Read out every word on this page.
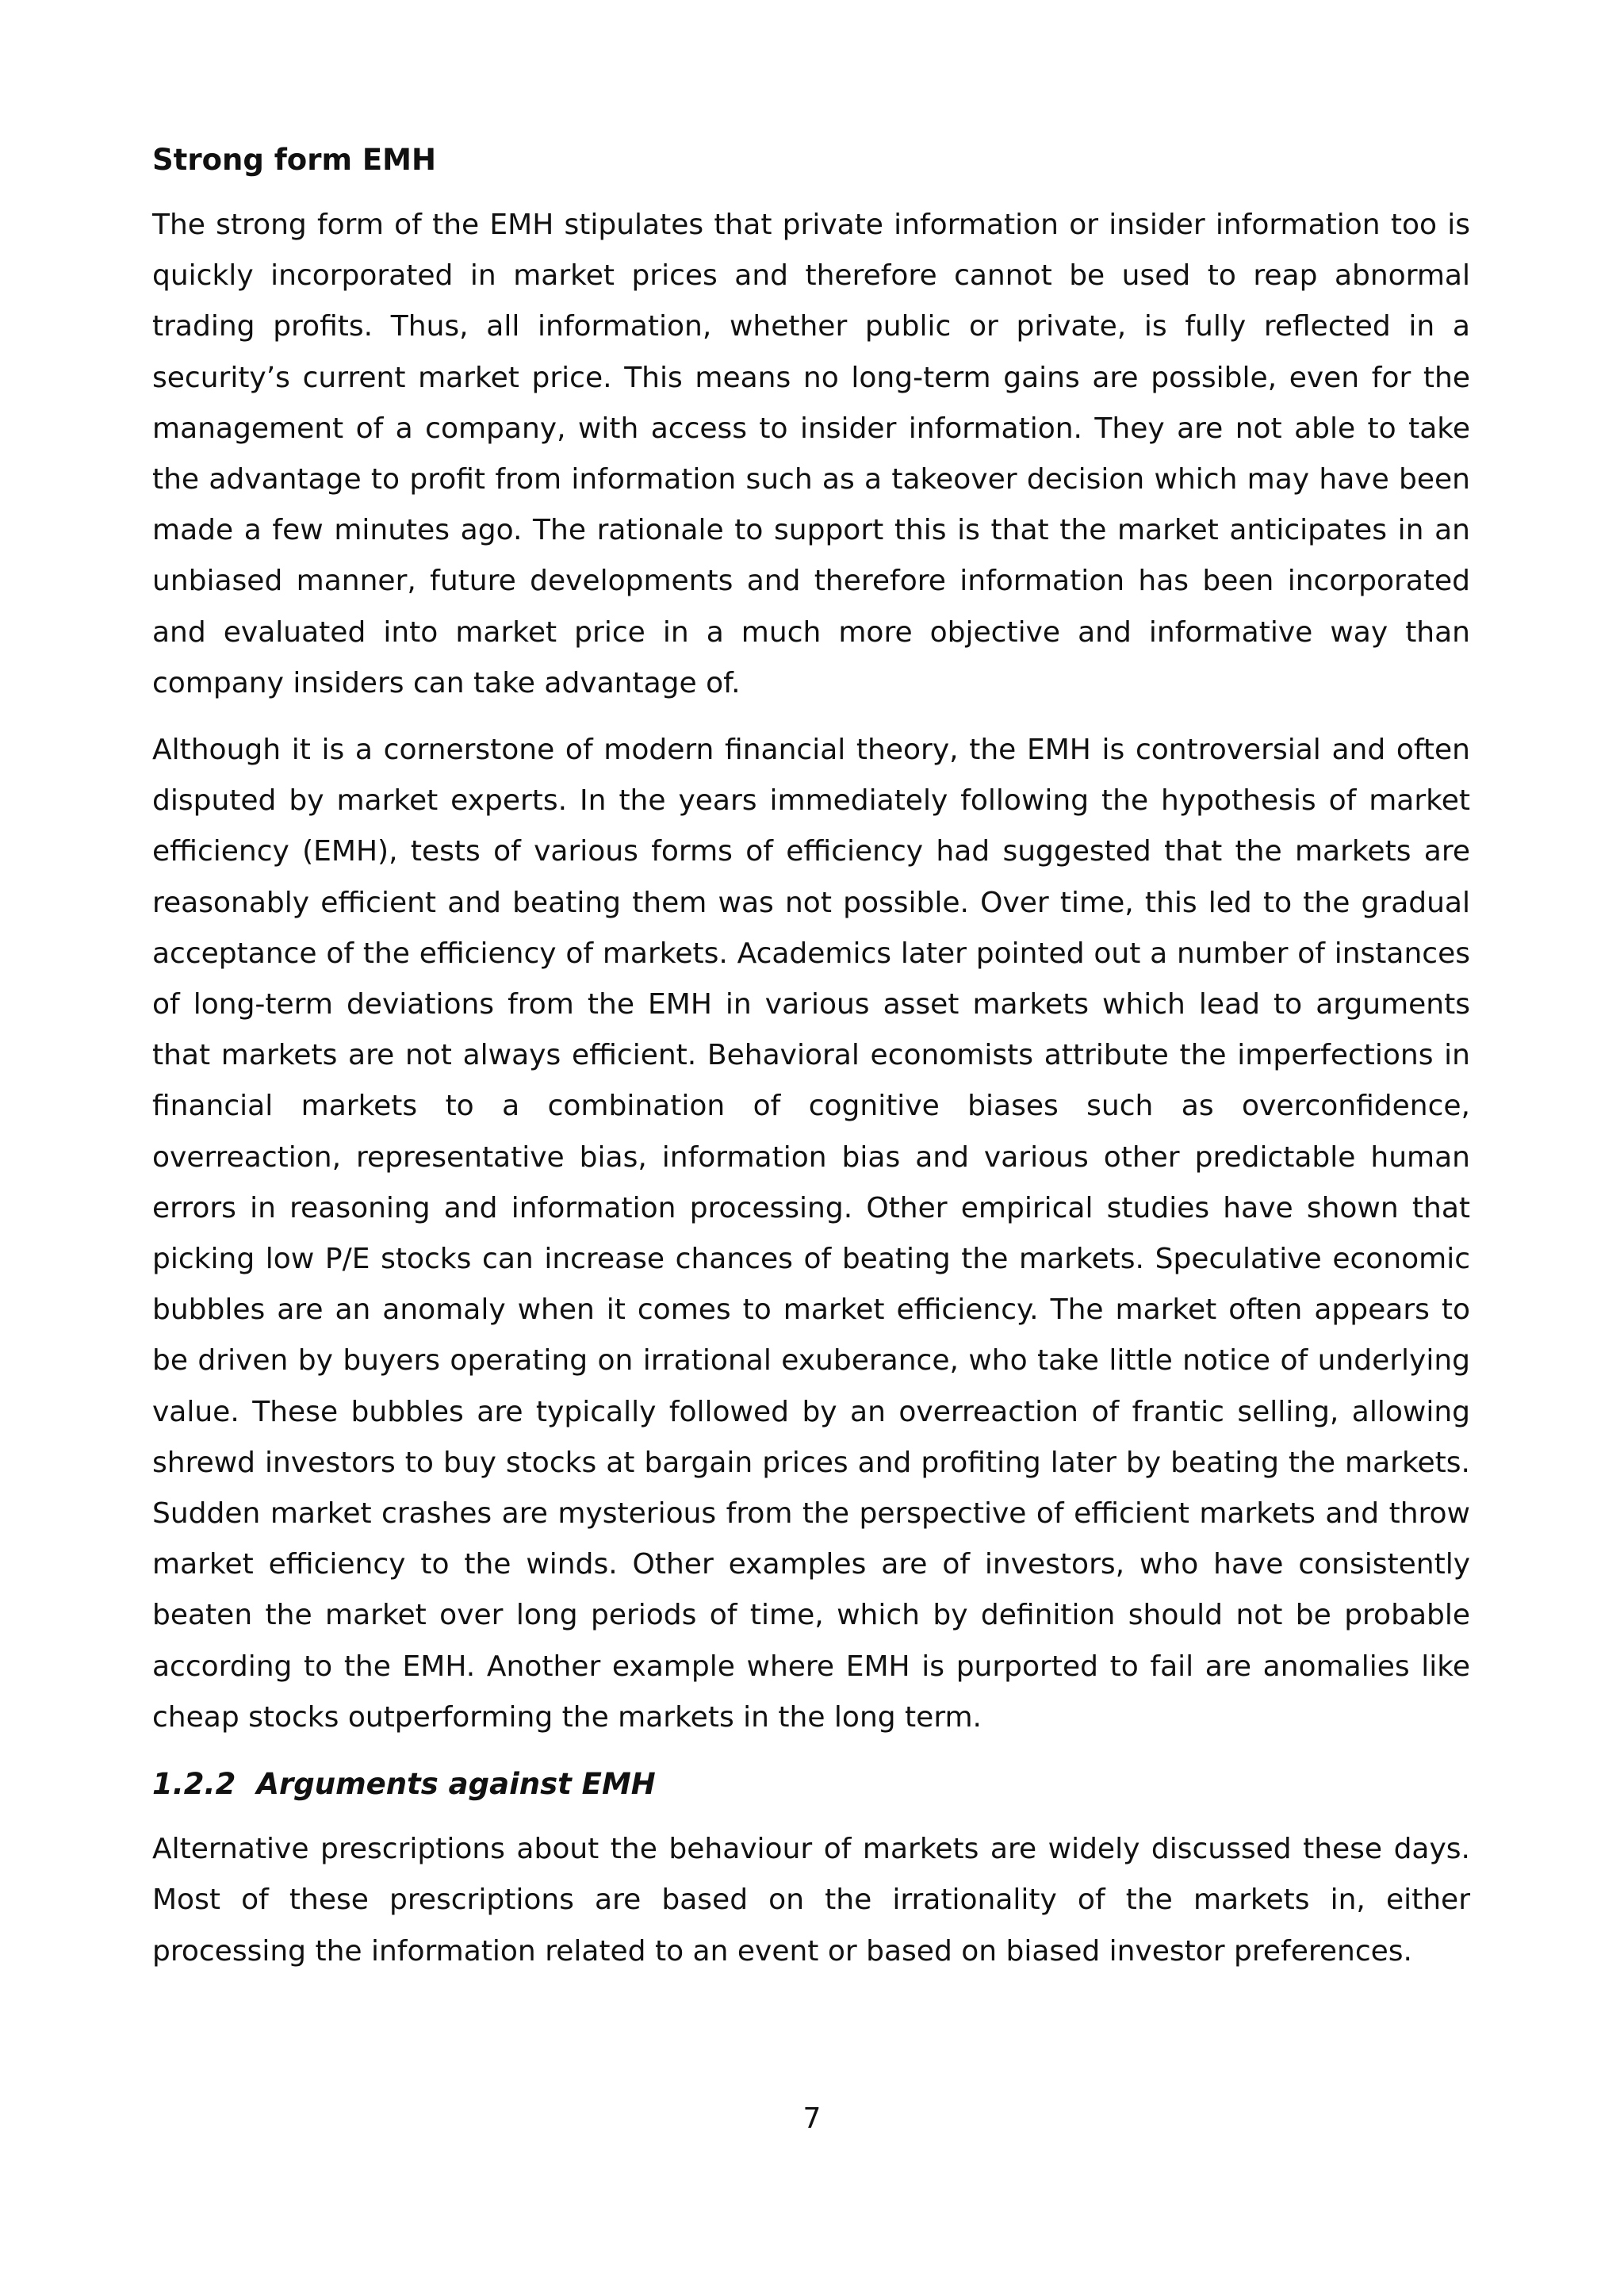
Strong form EMH

The strong form of the EMH stipulates that private information or insider information too is quickly incorporated in market prices and therefore cannot be used to reap abnormal trading profits. Thus, all information, whether public or private, is fully reflected in a security’s current market price. This means no long-term gains are possible, even for the management of a company, with access to insider information. They are not able to take the advantage to profit from information such as a takeover decision which may have been made a few minutes ago. The rationale to support this is that the market anticipates in an unbiased manner, future developments and therefore information has been incorporated and evaluated into market price in a much more objective and informative way than company insiders can take advantage of.

Although it is a cornerstone of modern financial theory, the EMH is controversial and often disputed by market experts. In the years immediately following the hypothesis of market efficiency (EMH), tests of various forms of efficiency had suggested that the markets are reasonably efficient and beating them was not possible. Over time, this led to the gradual acceptance of the efficiency of markets. Academics later pointed out a number of instances of long-term deviations from the EMH in various asset markets which lead to arguments that markets are not always efficient. Behavioral economists attribute the imperfections in financial markets to a combination of cognitive biases such as overconfidence, overreaction, representative bias, information bias and various other predictable human errors in reasoning and information processing. Other empirical studies have shown that picking low P/E stocks can increase chances of beating the markets. Speculative economic bubbles are an anomaly when it comes to market efficiency. The market often appears to be driven by buyers operating on irrational exuberance, who take little notice of underlying value. These bubbles are typically followed by an overreaction of frantic selling, allowing shrewd investors to buy stocks at bargain prices and profiting later by beating the markets. Sudden market crashes are mysterious from the perspective of efficient markets and throw market efficiency to the winds. Other examples are of investors, who have consistently beaten the market over long periods of time, which by definition should not be probable according to the EMH. Another example where EMH is purported to fail are anomalies like cheap stocks outperforming the markets in the long term.

1.2.2 Arguments against EMH

Alternative prescriptions about the behaviour of markets are widely discussed these days. Most of these prescriptions are based on the irrationality of the markets in, either processing the information related to an event or based on biased investor preferences.

7
